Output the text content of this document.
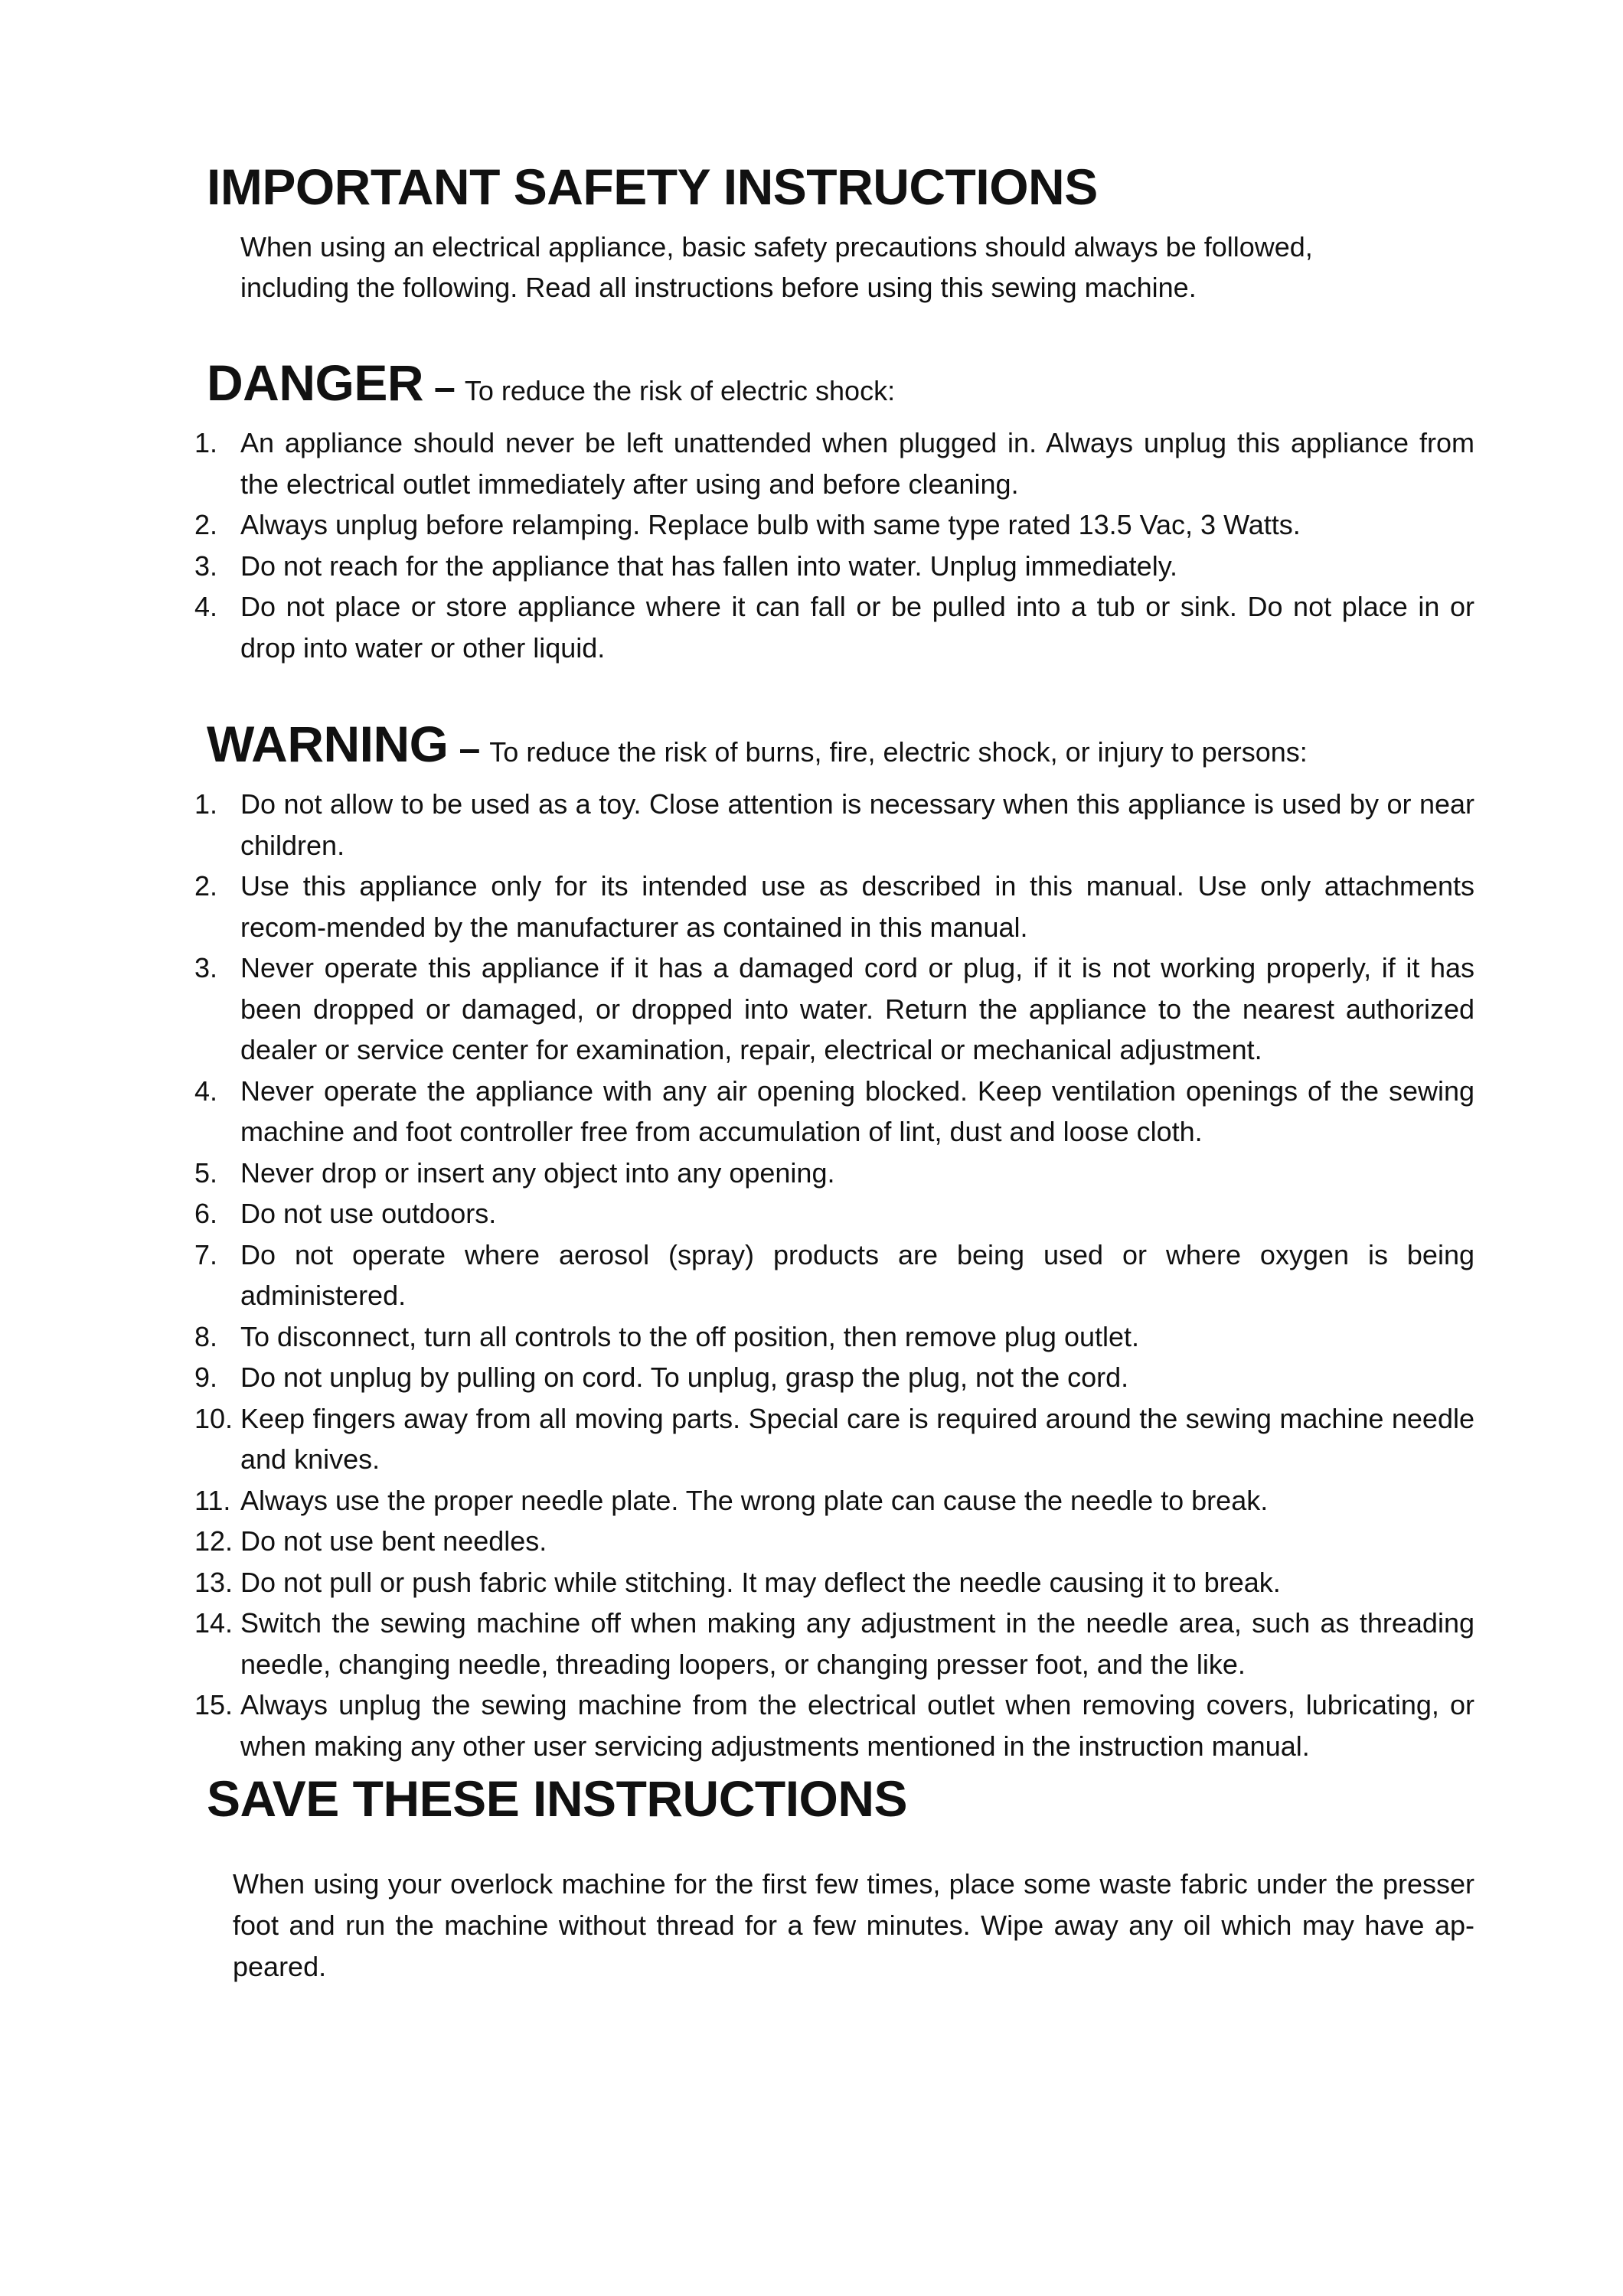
IMPORTANT SAFETY INSTRUCTIONS

When using an electrical appliance, basic safety precautions should always be followed,
including the following. Read all instructions before using this sewing machine.

DANGER – To reduce the risk of electric shock:
1. An appliance should never be left unattended when plugged in. Always unplug this appliance from the electrical outlet immediately after using and before cleaning.
2. Always unplug before relamping. Replace bulb with same type rated 13.5 Vac, 3 Watts.
3. Do not reach for the appliance that has fallen into water. Unplug immediately.
4. Do not place or store appliance where it can fall or be pulled into a tub or sink. Do not place in or drop into water or other liquid.
WARNING – To reduce the risk of burns, fire, electric shock, or injury to persons:
1. Do not allow to be used as a toy. Close attention is necessary when this appliance is used by or near children.
2. Use this appliance only for its intended use as described in this manual. Use only attachments recom-mended by the manufacturer as contained in this manual.
3. Never operate this appliance if it has a damaged cord or plug, if it is not working properly, if it has been dropped or damaged, or dropped into water. Return the appliance to the nearest authorized dealer or service center for examination, repair, electrical or mechanical adjustment.
4. Never operate the appliance with any air opening blocked. Keep ventilation openings of the sewing machine and foot controller free from accumulation of lint, dust and loose cloth.
5. Never drop or insert any object into any opening.
6. Do not use outdoors.
7. Do not operate where aerosol (spray) products are being used or where oxygen is being administered.
8. To disconnect, turn all controls to the off position, then remove plug outlet.
9. Do not unplug by pulling on cord. To unplug, grasp the plug, not the cord.
10. Keep fingers away from all moving parts. Special care is required around the sewing machine needle and knives.
11. Always use the proper needle plate. The wrong plate can cause the needle to break.
12. Do not use bent needles.
13. Do not pull or push fabric while stitching. It may deflect the needle causing it to break.
14. Switch the sewing machine off when making any adjustment in the needle area, such as threading needle, changing needle, threading loopers, or changing presser foot, and the like.
15. Always unplug the sewing machine from the electrical outlet when removing covers, lubricating, or when making any other user servicing adjustments mentioned in the instruction manual.
SAVE THESE INSTRUCTIONS

When using your overlock machine for the first few times, place some waste fabric under the presser
foot and run the machine without thread for a few minutes. Wipe away any oil which may have ap-
peared.
